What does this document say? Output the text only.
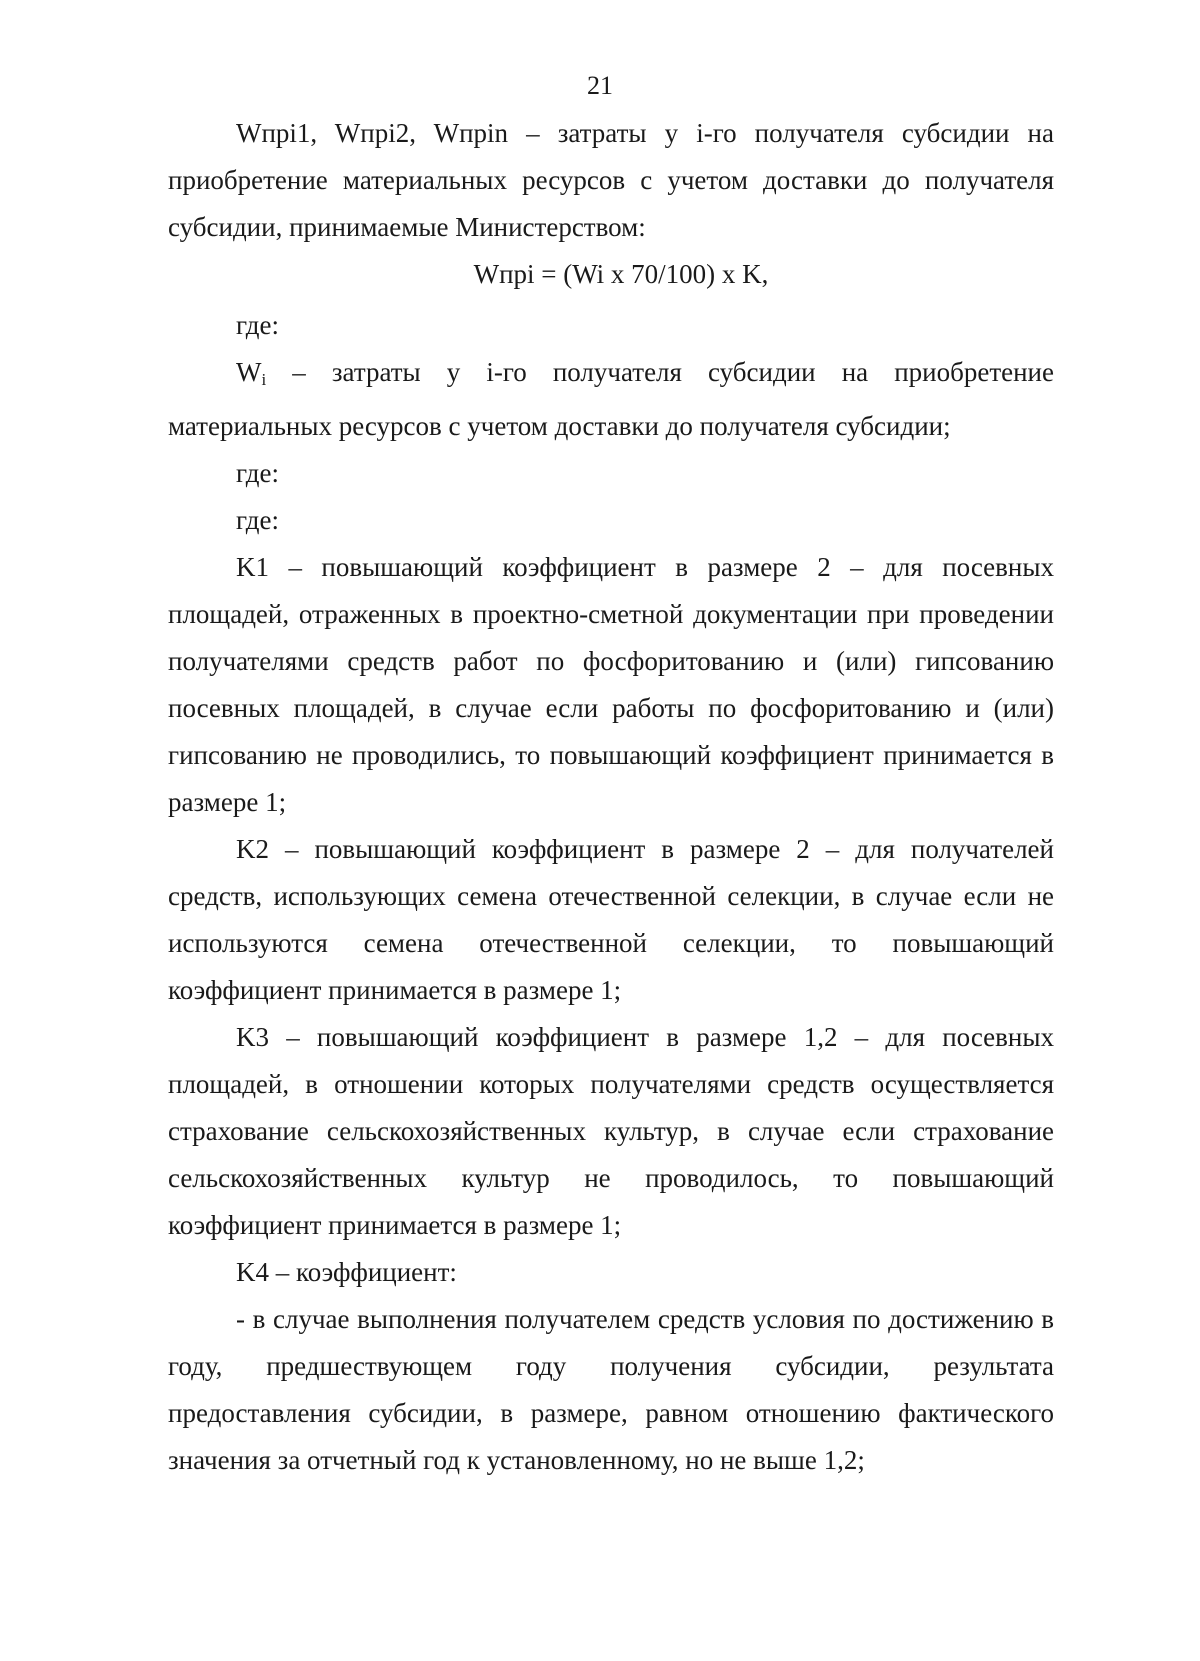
21

Wпрi1, Wпрi2, Wпрin – затраты у i-го получателя субсидии на приобретение материальных ресурсов с учетом доставки до получателя субсидии, принимаемые Министерством:

Wпрi = (Wi x 70/100) x K,

где:

$W_i$ – затраты у i-го получателя субсидии на приобретение материальных ресурсов с учетом доставки до получателя субсидии;

где:

где:

K1 – повышающий коэффициент в размере 2 – для посевных площадей, отраженных в проектно-сметной документации при проведении получателями средств работ по фосфоритованию и (или) гипсованию посевных площадей, в случае если работы по фосфоритованию и (или) гипсованию не проводились, то повышающий коэффициент принимается в размере 1;

K2 – повышающий коэффициент в размере 2 – для получателей средств, использующих семена отечественной селекции, в случае если не используются семена отечественной селекции, то повышающий коэффициент принимается в размере 1;

K3 – повышающий коэффициент в размере 1,2 – для посевных площадей, в отношении которых получателями средств осуществляется страхование сельскохозяйственных культур, в случае если страхование сельскохозяйственных культур не проводилось, то повышающий коэффициент принимается в размере 1;

K4 – коэффициент:

- в случае выполнения получателем средств условия по достижению в году, предшествующем году получения субсидии, результата предоставления субсидии, в размере, равном отношению фактического значения за отчетный год к установленному, но не выше 1,2;
